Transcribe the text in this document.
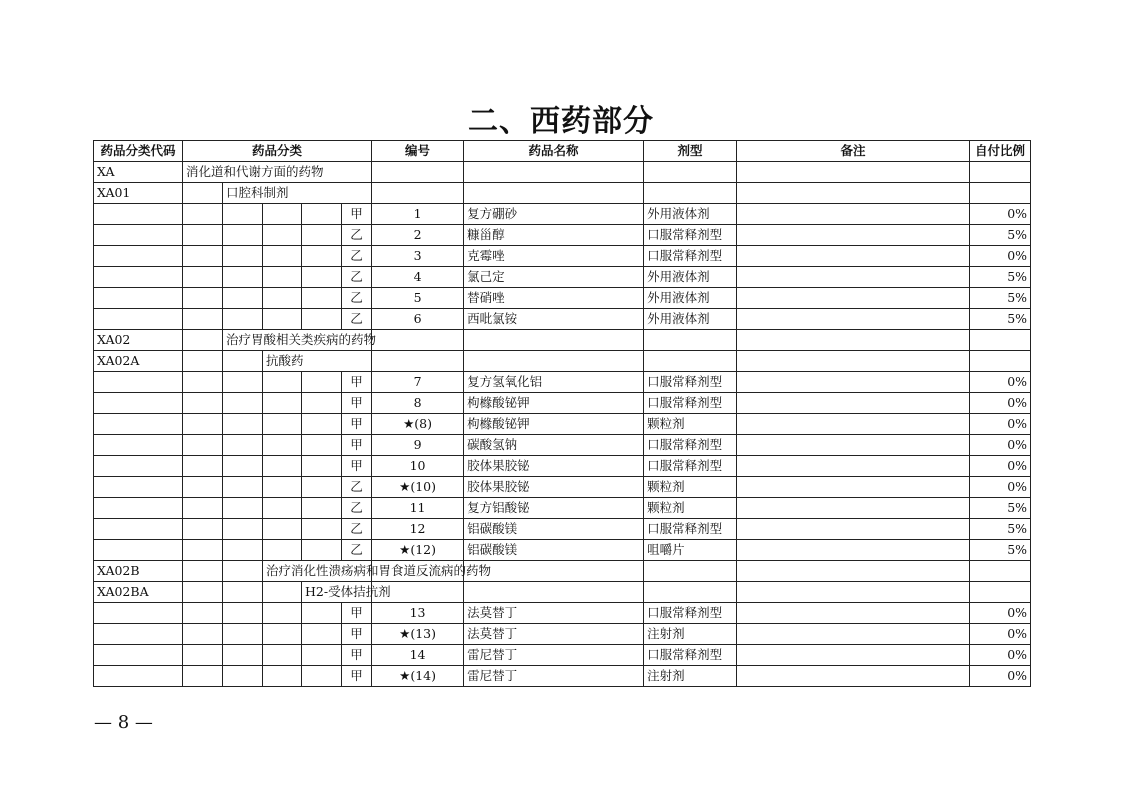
二、西药部分
药品分类代码	药品分类					编号	药品名称	剂型	备注	自付比例
XA	消化道和代谢方面的药物									
XA01		口腔科制剂								
					甲	1	复方硼砂	外用液体剂		0%
					乙	2	糠甾醇	口服常释剂型		5%
					乙	3	克霉唑	口服常释剂型		0%
					乙	4	氯己定	外用液体剂		5%
					乙	5	替硝唑	外用液体剂		5%
					乙	6	西吡氯铵	外用液体剂		5%
XA02		治疗胃酸相关类疾病的药物								
XA02A			抗酸药							
					甲	7	复方氢氧化铝	口服常释剂型		0%
					甲	8	枸橼酸铋钾	口服常释剂型		0%
					甲	★(8)	枸橼酸铋钾	颗粒剂		0%
					甲	9	碳酸氢钠	口服常释剂型		0%
					甲	10	胶体果胶铋	口服常释剂型		0%
					乙	★(10)	胶体果胶铋	颗粒剂		0%
					乙	11	复方铝酸铋	颗粒剂		5%
					乙	12	铝碳酸镁	口服常释剂型		5%
					乙	★(12)	铝碳酸镁	咀嚼片		5%
XA02B			治疗消化性溃疡病和胃食道反流病的药物							
XA02BA				H2-受体拮抗剂						
					甲	13	法莫替丁	口服常释剂型		0%
					甲	★(13)	法莫替丁	注射剂		0%
					甲	14	雷尼替丁	口服常释剂型		0%
					甲	★(14)	雷尼替丁	注射剂		0%
— 8 —
